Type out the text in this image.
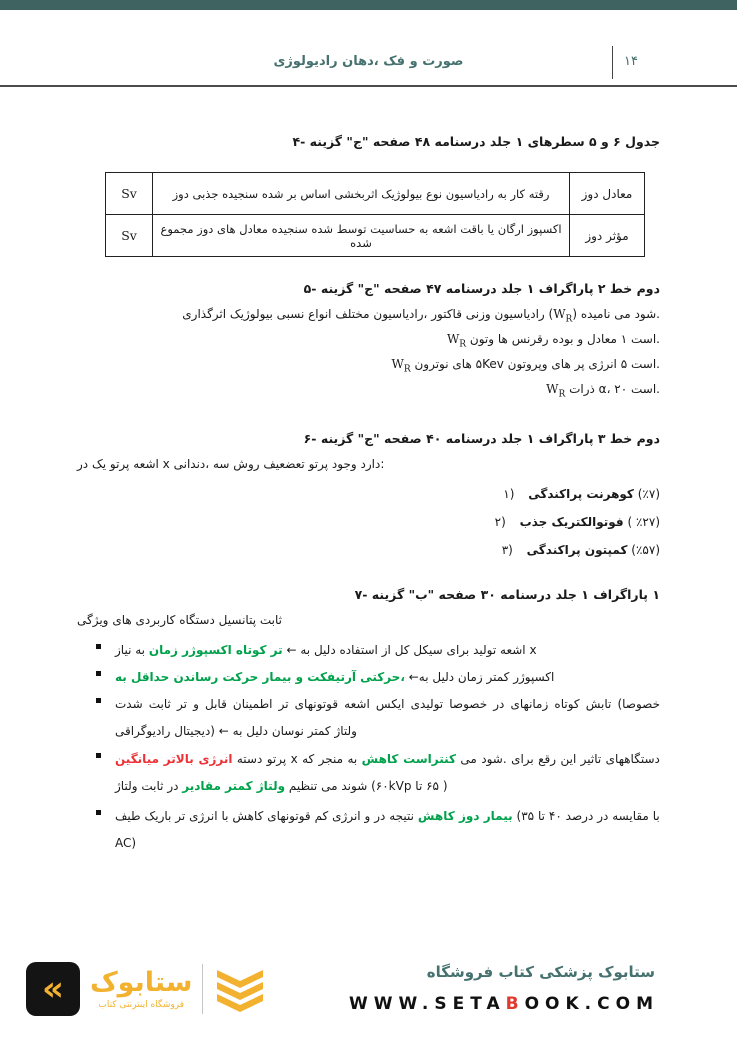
رادیولوژی دهان، فک و صورت	۱۴
۴- گزینه "ج" صفحه ۴۸ درسنامه جلد ۱ سطرهای ۵ و ۶ جدول
Sv	دوز جذبی سنجیده شده بر اساس اثربخشی بیولوژیک نوع رادیاسیون به کار رقته	دوز معادل
Sv	مجموع دوز های معادل سنجیده شده توسط حساسیت به اشعه باقت یا ارگان اکسپوز شده	دوز مؤثر
۵- گزینه "ج" صفحه ۴۷ درسنامه جلد ۱ پاراگراف ۲ خط دوم
اثرگذاری بیولوژیک نسبی انواع مختلف رادیاسیون، قاکتور وزنی رادیاسیون $(W_R)$ نامیده می شود.
$W_R$ وتون ها رقرنس بوده و معادل ۱ است.
$W_R$ نوترون های ۵Kev وپروتون های پر انرژی ۵ است.
$W_R$ ذرات α، ۲۰ است.
۶- گزینه "ج" صفحه ۴۰ درسنامه جلد ۱ پاراگراف ۳ خط دوم
در یک پرتو اشعه x دندانی، سه روش تعضعیف پرتو وجود دارد:
۱) پراکندگی کوهرنت (٪۷)
۲) جذب فوتوالکتریک ( ٪۲۷)
۳) پراکندگی کمپتون (٪۵۷)
۷- گزینه "ب" صفحه ۳۰ درسنامه جلد ۱ پاراگراف ۱
ویژگی های کاربردی دستگاه پتانسیل ثابت

نیاز به زمان اکسپوژر کوتاه تر ← به دلیل استفاده از کل سیکل برای تولید اشعه x

به حداقل رساندن حرکت بیمار و آرتیفکت حرکتی، ←به دلیل زمان کمتر اکسپوژر

شدت ثابت تر و قابل اطمینان تر قوتونهای اشعه ایکس تولیدی خصوصا در زمانهای کوتاه تابش (خصوصا رادیوگراقی دیجیتال) ← به دلیل نوسان کمتر ولتاژ

میانگین بالاتر انرژی دسته پرتو x که منجر به کاهش کنتراست می شود. برای رقع این تاثیر دستگاههای ولتاژ ثابت در مقادیر کمتر ولتاژ تنظیم می شوند (۶۰kVp تا ۶۵ )

طیف باریک تر انرژی با کاهش قوتونهای کم انرژی و در نتیجه کاهش دوز بیمار (۳۵ تا ۴۰ درصد در مقایسه با AC)

فروشگاه کتاب پزشکی ستابوک
WWW.SETABOOK.COM
« ستابوک
فروشگاه اینترنتی کتاب
